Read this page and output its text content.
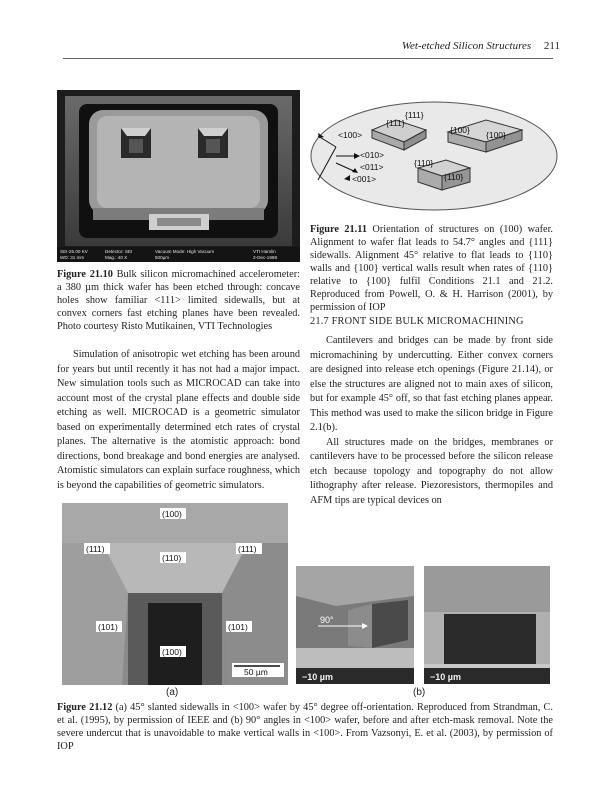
Wet-etched Silicon Structures 211
SEI-25.00 KV	Detector: SEI	Vacuum Mode: High Vacuum	VTI Hamlin
WD: 31 mm	Mag.: 40 X	500µm	2-Dec-1998
Figure 21.10 Bulk silicon micromachined accelerometer: a 380 µm thick wafer has been etched through: concave holes show familiar <111> limited sidewalls, but at convex corners fast etching planes have been revealed. Photo courtesy Risto Mutikainen, VTI Technologies
<100>
<010>
<011>
<001>
{111}
{111}
{100} {100}
{110}
{110}
Figure 21.11 Orientation of structures on (100) wafer. Alignment to wafer flat leads to 54.7° angles and {111} sidewalls. Alignment 45° relative to flat leads to {110} walls and {100} vertical walls result when rates of {110} relative to {100} fulfil Conditions 21.1 and 21.2. Reproduced from Powell, O. & H. Harrison (2001), by permission of IOP
21.7 FRONT SIDE BULK MICROMACHINING

Simulation of anisotropic wet etching has been around for years but until recently it has not had a major impact. New simulation tools such as MICROCAD can take into account most of the crystal plane effects and double side etching as well. MICROCAD is a geometric simulator based on experimentally determined etch rates of crystal planes. The alternative is the atomistic approach: bond directions, bond breakage and bond energies are analysed. Atomistic simulators can explain surface roughness, which is beyond the capabilities of geometric simulators.

Cantilevers and bridges can be made by front side micromachining by undercutting. Either convex corners are designed into release etch openings (Figure 21.14), or else the structures are aligned not to main axes of silicon, but for example 45° off, so that fast etching planes appear. This method was used to make the silicon bridge in Figure 2.1(b).

All structures made on the bridges, membranes or cantilevers have to be processed before the silicon release etch because topology and topography do not allow lithography after release. Piezoresistors, thermopiles and AFM tips are typical devices on

(100)
(111)	(111)
(110)
(101)	(101)
(100)
50 µm	−10 µm	−10 µm
90°
(a)	(b)
Figure 21.12 (a) 45° slanted sidewalls in <100> wafer by 45° degree off-orientation. Reproduced from Strandman, C. et al. (1995), by permission of IEEE and (b) 90° angles in <100> wafer, before and after etch-mask removal. Note the severe undercut that is unavoidable to make vertical walls in <100>. From Vazsonyi, E. et al. (2003), by permission of IOP
